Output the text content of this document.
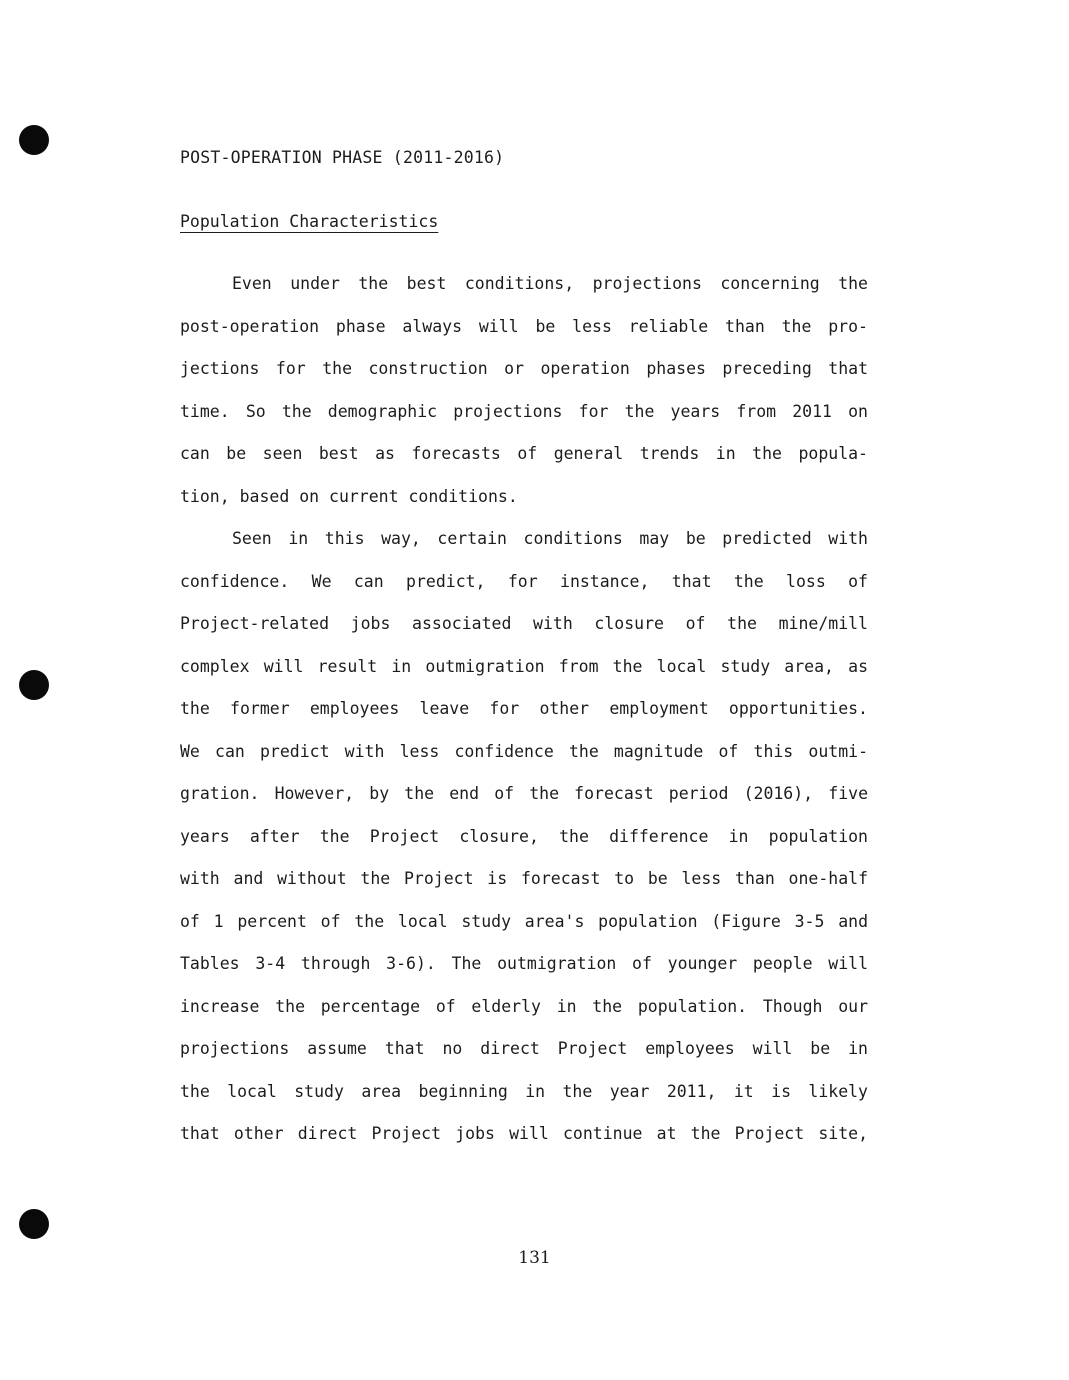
POST-OPERATION PHASE (2011-2016)
Population Characteristics
Even under the best conditions, projections concerning the
post-operation phase always will be less reliable than the pro-
jections for the construction or operation phases preceding that
time. So the demographic projections for the years from 2011 on
can be seen best as forecasts of general trends in the popula-
tion, based on current conditions.
Seen in this way, certain conditions may be predicted with
confidence. We can predict, for instance, that the loss of
Project-related jobs associated with closure of the mine/mill
complex will result in outmigration from the local study area, as
the former employees leave for other employment opportunities.
We can predict with less confidence the magnitude of this outmi-
gration. However, by the end of the forecast period (2016), five
years after the Project closure, the difference in population
with and without the Project is forecast to be less than one-half
of 1 percent of the local study area's population (Figure 3-5 and
Tables 3-4 through 3-6). The outmigration of younger people will
increase the percentage of elderly in the population. Though our
projections assume that no direct Project employees will be in
the local study area beginning in the year 2011, it is likely
that other direct Project jobs will continue at the Project site,
131
